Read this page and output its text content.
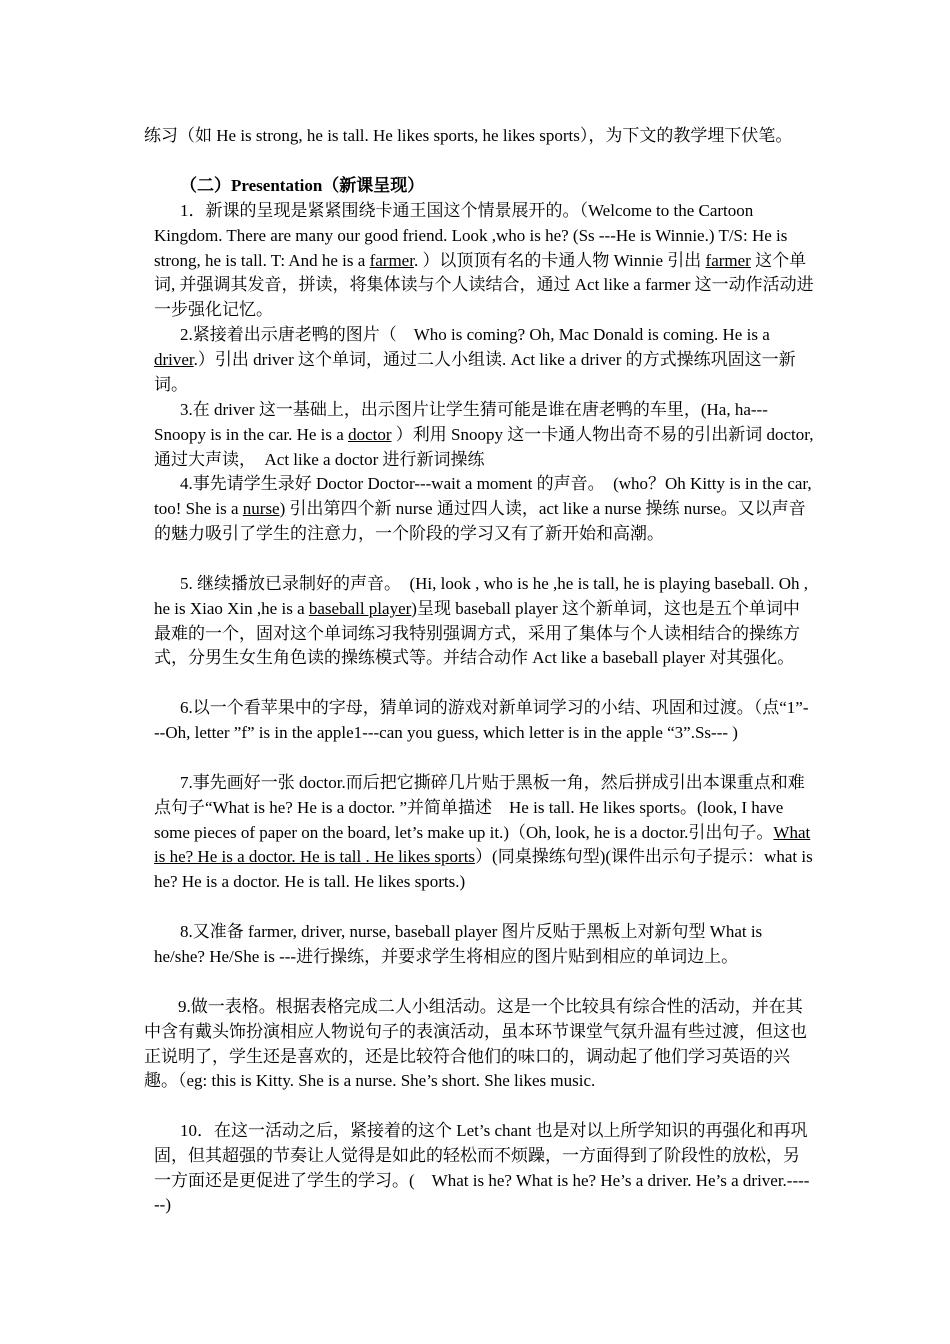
练习（如 He is strong, he is tall. He likes sports, he likes sports），为下文的教学埋下伏笔。

（二）Presentation（新课呈现）

1．新课的呈现是紧紧围绕卡通王国这个情景展开的。（Welcome to the Cartoon Kingdom. There are many our good friend. Look ,who is he? (Ss ---He is Winnie.) T/S: He is strong, he is tall. T: And he is a farmer. ）以顶顶有名的卡通人物 Winnie 引出 farmer 这个单词, 并强调其发音，拼读，将集体读与个人读结合，通过 Act like a farmer 这一动作活动进一步强化记忆。

2.紧接着出示唐老鸭的图片（　Who is coming? Oh, Mac Donald is coming. He is a driver.）引出 driver 这个单词，通过二人小组读. Act like a driver 的方式操练巩固这一新词。

3.在 driver 这一基础上，出示图片让学生猜可能是谁在唐老鸭的车里，(Ha, ha--- Snoopy is in the car. He is a doctor ）利用 Snoopy 这一卡通人物出奇不易的引出新词 doctor, 通过大声读，　Act like a doctor 进行新词操练

4.事先请学生录好 Doctor Doctor---wait a moment 的声音。　(who？Oh Kitty is in the car, too! She is a nurse) 引出第四个新 nurse 通过四人读，act like a nurse 操练 nurse。又以声音的魅力吸引了学生的注意力，一个阶段的学习又有了新开始和高潮。

5. 继续播放已录制好的声音。　(Hi, look , who is he ,he is tall, he is playing baseball. Oh , he is Xiao Xin ,he is a baseball player)呈现 baseball player 这个新单词，这也是五个单词中最难的一个，固对这个单词练习我特别强调方式，采用了集体与个人读相结合的操练方式，分男生女生角色读的操练模式等。并结合动作 Act like a baseball player 对其强化。

6.以一个看苹果中的字母，猜单词的游戏对新单词学习的小结、巩固和过渡。（点“1”---Oh, letter ”f” is in the apple1---can you guess, which letter is in the apple “3”.Ss--- )

7.事先画好一张 doctor.而后把它撕碎几片贴于黑板一角，然后拼成引出本课重点和难点句子“What is he? He is a doctor. ”并简单描述　He is tall. He likes sports。(look, I have some pieces of paper on the board, let’s make up it.)（Oh, look, he is a doctor.引出句子。What is he? He is a doctor. He is tall . He likes sports）(同桌操练句型)(课件出示句子提示：what is he? He is a doctor. He is tall. He likes sports.)

8.又准备 farmer, driver, nurse, baseball player 图片反贴于黑板上对新句型 What is he/she? He/She is ---进行操练，并要求学生将相应的图片贴到相应的单词边上。

9.做一表格。根据表格完成二人小组活动。这是一个比较具有综合性的活动，并在其中含有戴头饰扮演相应人物说句子的表演活动，虽本环节课堂气氛升温有些过渡，但这也正说明了，学生还是喜欢的，还是比较符合他们的味口的，调动起了他们学习英语的兴趣。（eg: this is Kitty. She is a nurse. She’s short. She likes music.

10．在这一活动之后，紧接着的这个 Let’s chant 也是对以上所学知识的再强化和再巩固，但其超强的节奏让人觉得是如此的轻松而不烦躁，一方面得到了阶段性的放松，另一方面还是更促进了学生的学习。(　What is he? What is he? He’s a driver. He’s a driver.------)
